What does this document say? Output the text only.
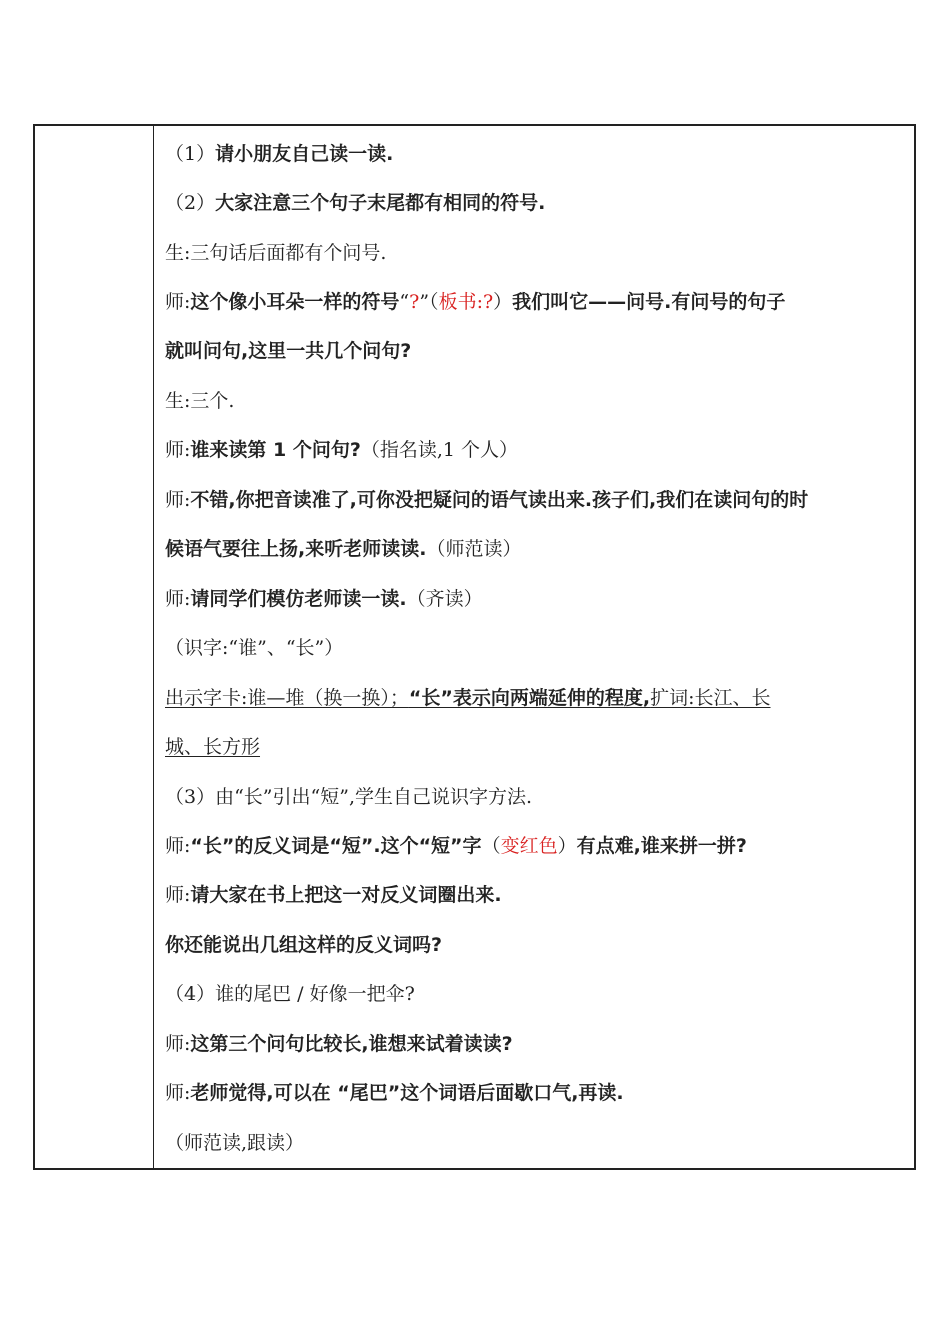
（1）请小朋友自己读一读.
（2）大家注意三个句子末尾都有相同的符号.
生:三句话后面都有个问号.
师:这个像小耳朵一样的符号“?”（板书:?）我们叫它——问号.有问号的句子
就叫问句,这里一共几个问句?
生:三个.
师:谁来读第 1 个问句?（指名读,1 个人）
师:不错,你把音读准了,可你没把疑问的语气读出来.孩子们,我们在读问句的时
候语气要往上扬,来听老师读读.（师范读）
师:请同学们模仿老师读一读.（齐读）
（识字:“谁”、“长”）
出示字卡:谁—堆（换一换）；“长”表示向两端延伸的程度,扩词:长江、长
城、长方形
（3）由“长”引出“短”,学生自己说识字方法.
师:“长”的反义词是“短”.这个“短”字（变红色）有点难,谁来拼一拼?
师:请大家在书上把这一对反义词圈出来.
你还能说出几组这样的反义词吗?
（4）谁的尾巴 / 好像一把伞?
师:这第三个问句比较长,谁想来试着读读?
师:老师觉得,可以在 “尾巴”这个词语后面歇口气,再读.
（师范读,跟读）
